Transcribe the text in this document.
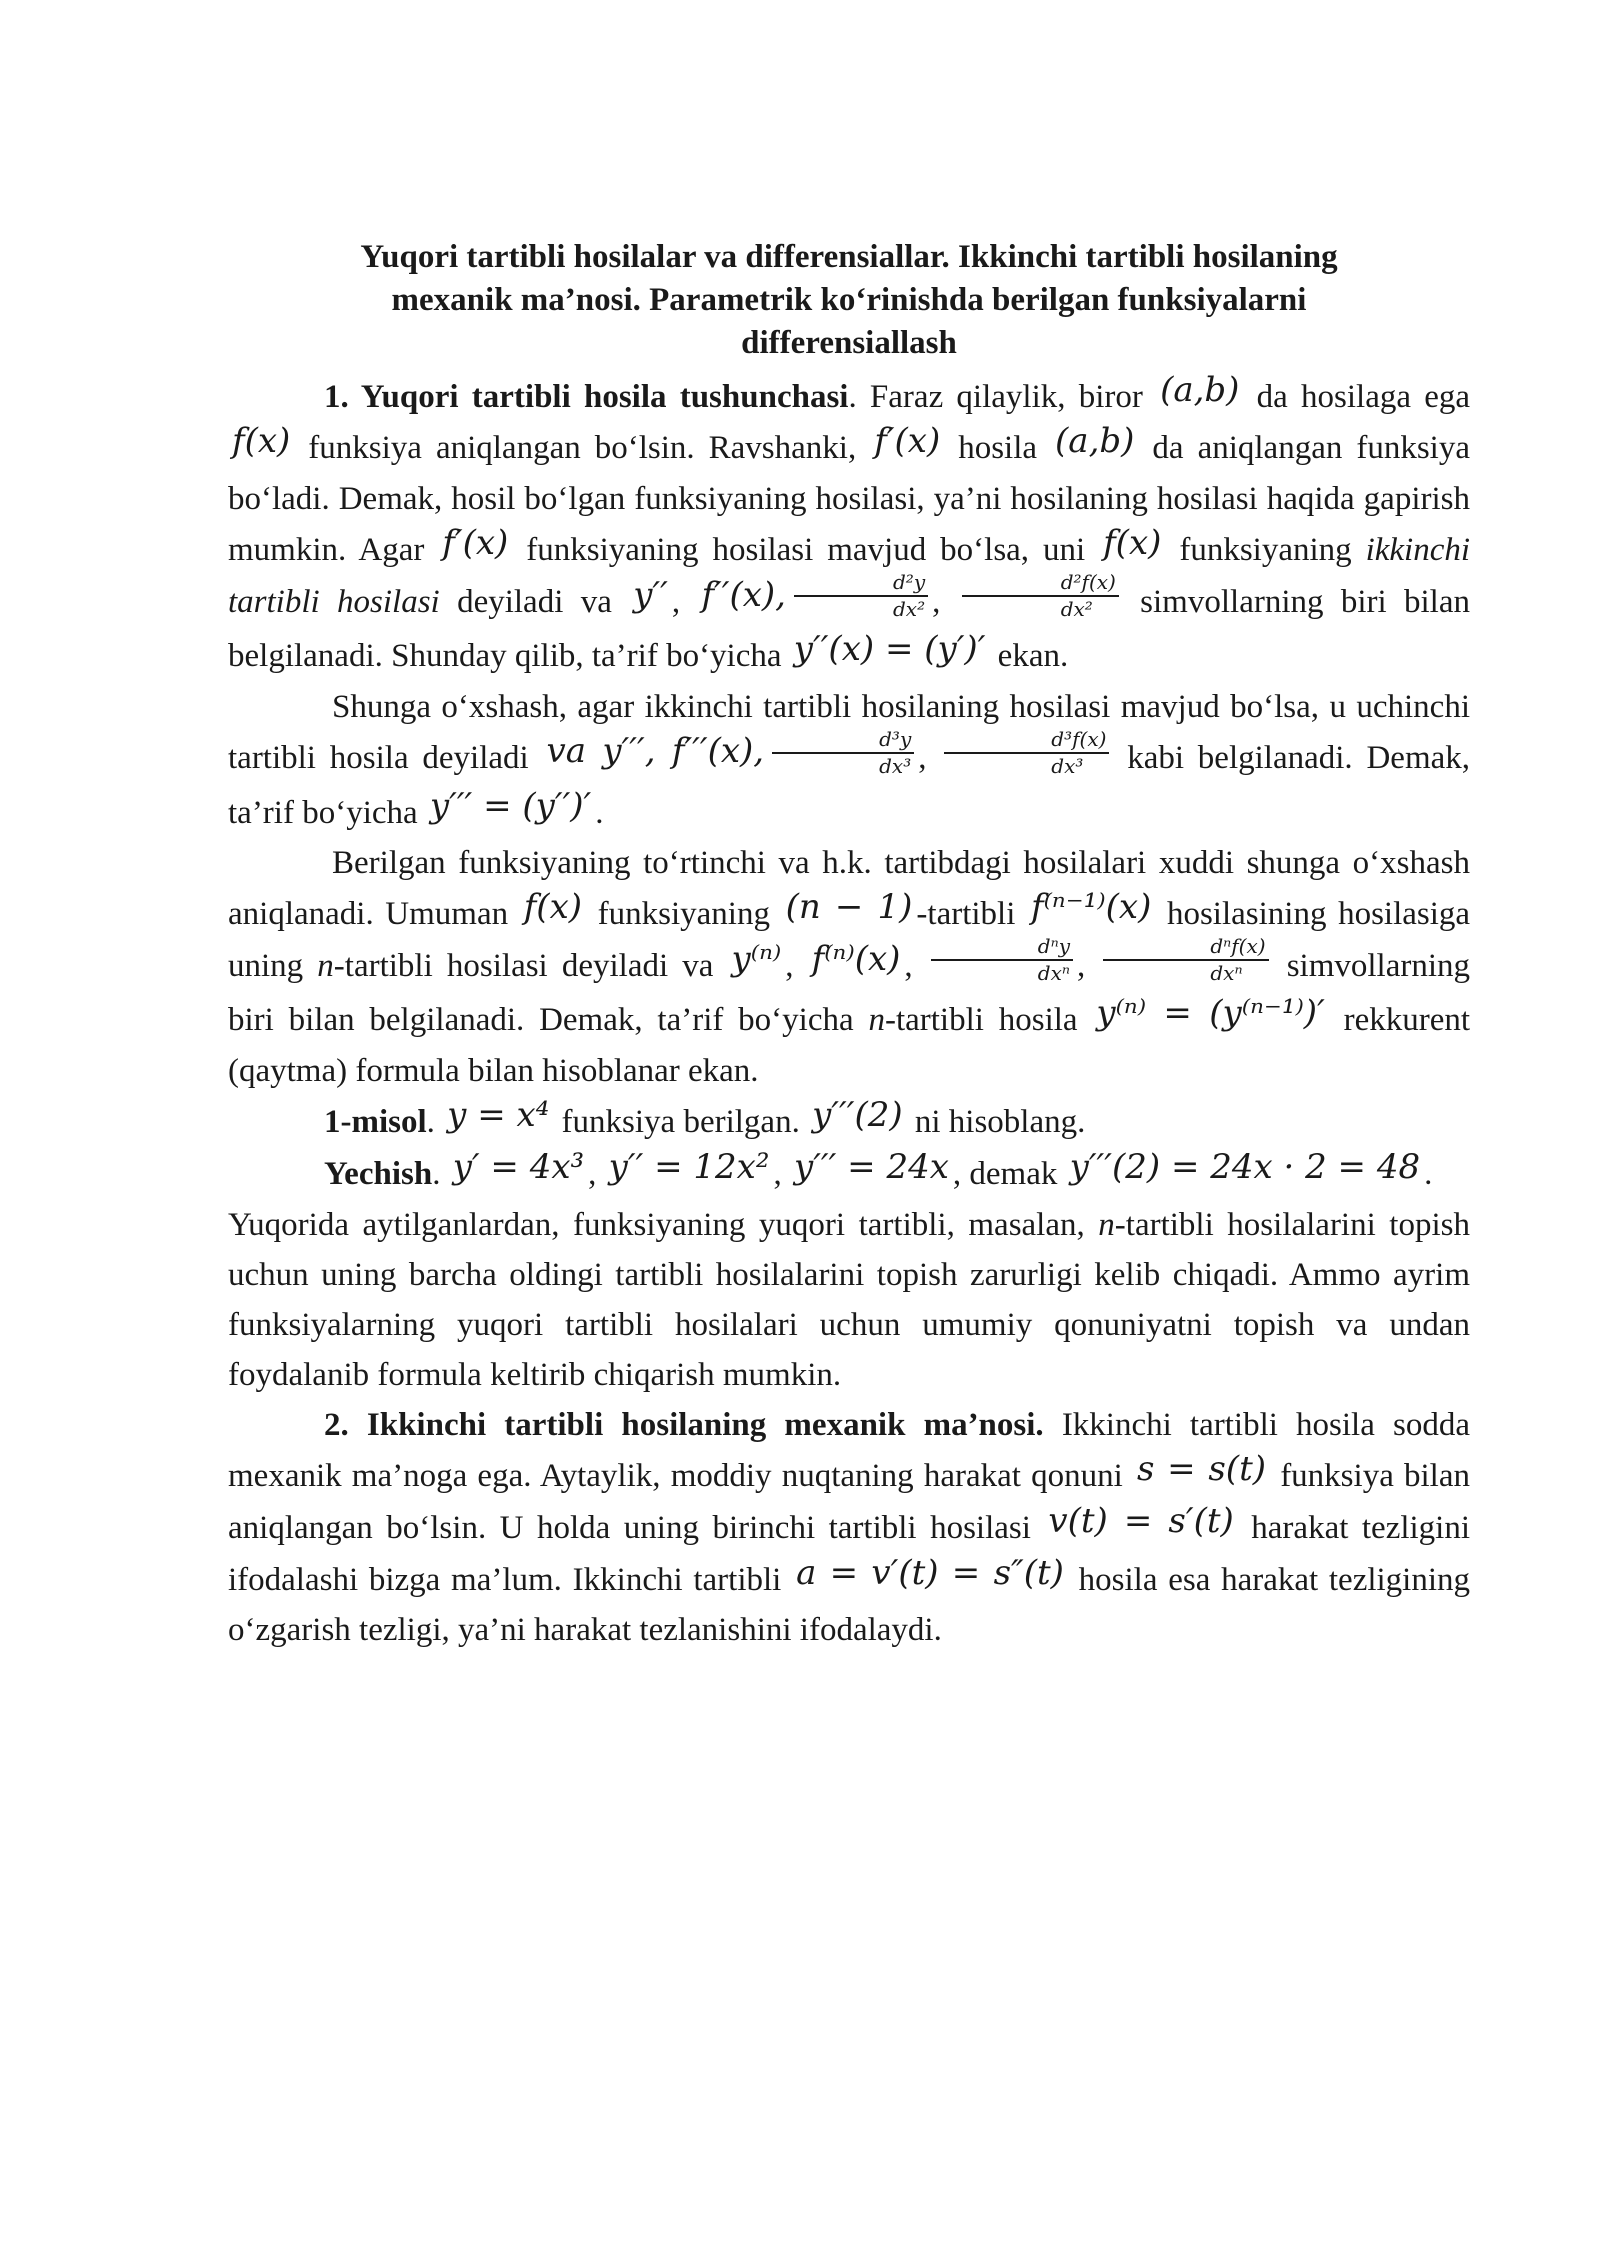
Yuqori tartibli hosilalar va differensiallar. Ikkinchi tartibli hosilaning
mexanik ma’nosi. Parametrik ko‘rinishda berilgan funksiyalarni
differensiallash

1. Yuqori tartibli hosila tushunchasi. Faraz qilaylik, biror (a,b) da hosilaga ega f(x) funksiya aniqlangan bo‘lsin. Ravshanki, f′(x) hosila (a,b) da aniqlangan funksiya bo‘ladi. Demak, hosil bo‘lgan funksiyaning hosilasi, ya’ni hosilaning hosilasi haqida gapirish mumkin. Agar f′(x) funksiyaning hosilasi mavjud bo‘lsa, uni f(x) funksiyaning ikkinchi tartibli hosilasi deyiladi va y′′ , f′′(x), $\frac{\text{d²y}}{\text{dx²}}$ , $\frac{\text{d²f(x)}}{\text{dx²}}$ simvollarning biri bilan belgilanadi. Shunday qilib, ta’rif bo‘yicha y′′(x) = (y′)′ ekan.

Shunga o‘xshash, agar ikkinchi tartibli hosilaning hosilasi mavjud bo‘lsa, u uchinchi tartibli hosila deyiladi va y′′′, f′′′(x), $\frac{\text{d³y}}{\text{dx³}}$ , $\frac{\text{d³f(x)}}{\text{dx³}}$ kabi belgilanadi. Demak, ta’rif bo‘yicha y′′′ = (y′′)′ .

Berilgan funksiyaning to‘rtinchi va h.k. tartibdagi hosilalari xuddi shunga o‘xshash aniqlanadi. Umuman f(x) funksiyaning (n − 1) -tartibli f⁽ⁿ⁻¹⁾(x) hosilasining hosilasiga uning n-tartibli hosilasi deyiladi va y⁽ⁿ⁾ , f⁽ⁿ⁾(x) , $\frac{\text{dⁿy}}{\text{dxⁿ}}$ , $\frac{\text{dⁿf(x)}}{\text{dxⁿ}}$ simvollarning biri bilan belgilanadi. Demak, ta’rif bo‘yicha n-tartibli hosila y⁽ⁿ⁾ = (y⁽ⁿ⁻¹⁾)′ rekkurent (qaytma) formula bilan hisoblanar ekan.

1-misol. y = x⁴ funksiya berilgan. y′′′(2) ni hisoblang.

Yechish. y′ = 4x³ , y′′ = 12x² , y′′′ = 24x , demak y′′′(2) = 24x · 2 = 48 .

Yuqorida aytilganlardan, funksiyaning yuqori tartibli, masalan, n-tartibli hosilalarini topish uchun uning barcha oldingi tartibli hosilalarini topish zarurligi kelib chiqadi. Ammo ayrim funksiyalarning yuqori tartibli hosilalari uchun umumiy qonuniyatni topish va undan foydalanib formula keltirib chiqarish mumkin.

2. Ikkinchi tartibli hosilaning mexanik ma’nosi. Ikkinchi tartibli hosila sodda mexanik ma’noga ega. Aytaylik, moddiy nuqtaning harakat qonuni s = s(t) funksiya bilan aniqlangan bo‘lsin. U holda uning birinchi tartibli hosilasi v(t) = s′(t) harakat tezligini ifodalashi bizga ma’lum. Ikkinchi tartibli a = v′(t) = s″(t) hosila esa harakat tezligining o‘zgarish tezligi, ya’ni harakat tezlanishini ifodalaydi.
